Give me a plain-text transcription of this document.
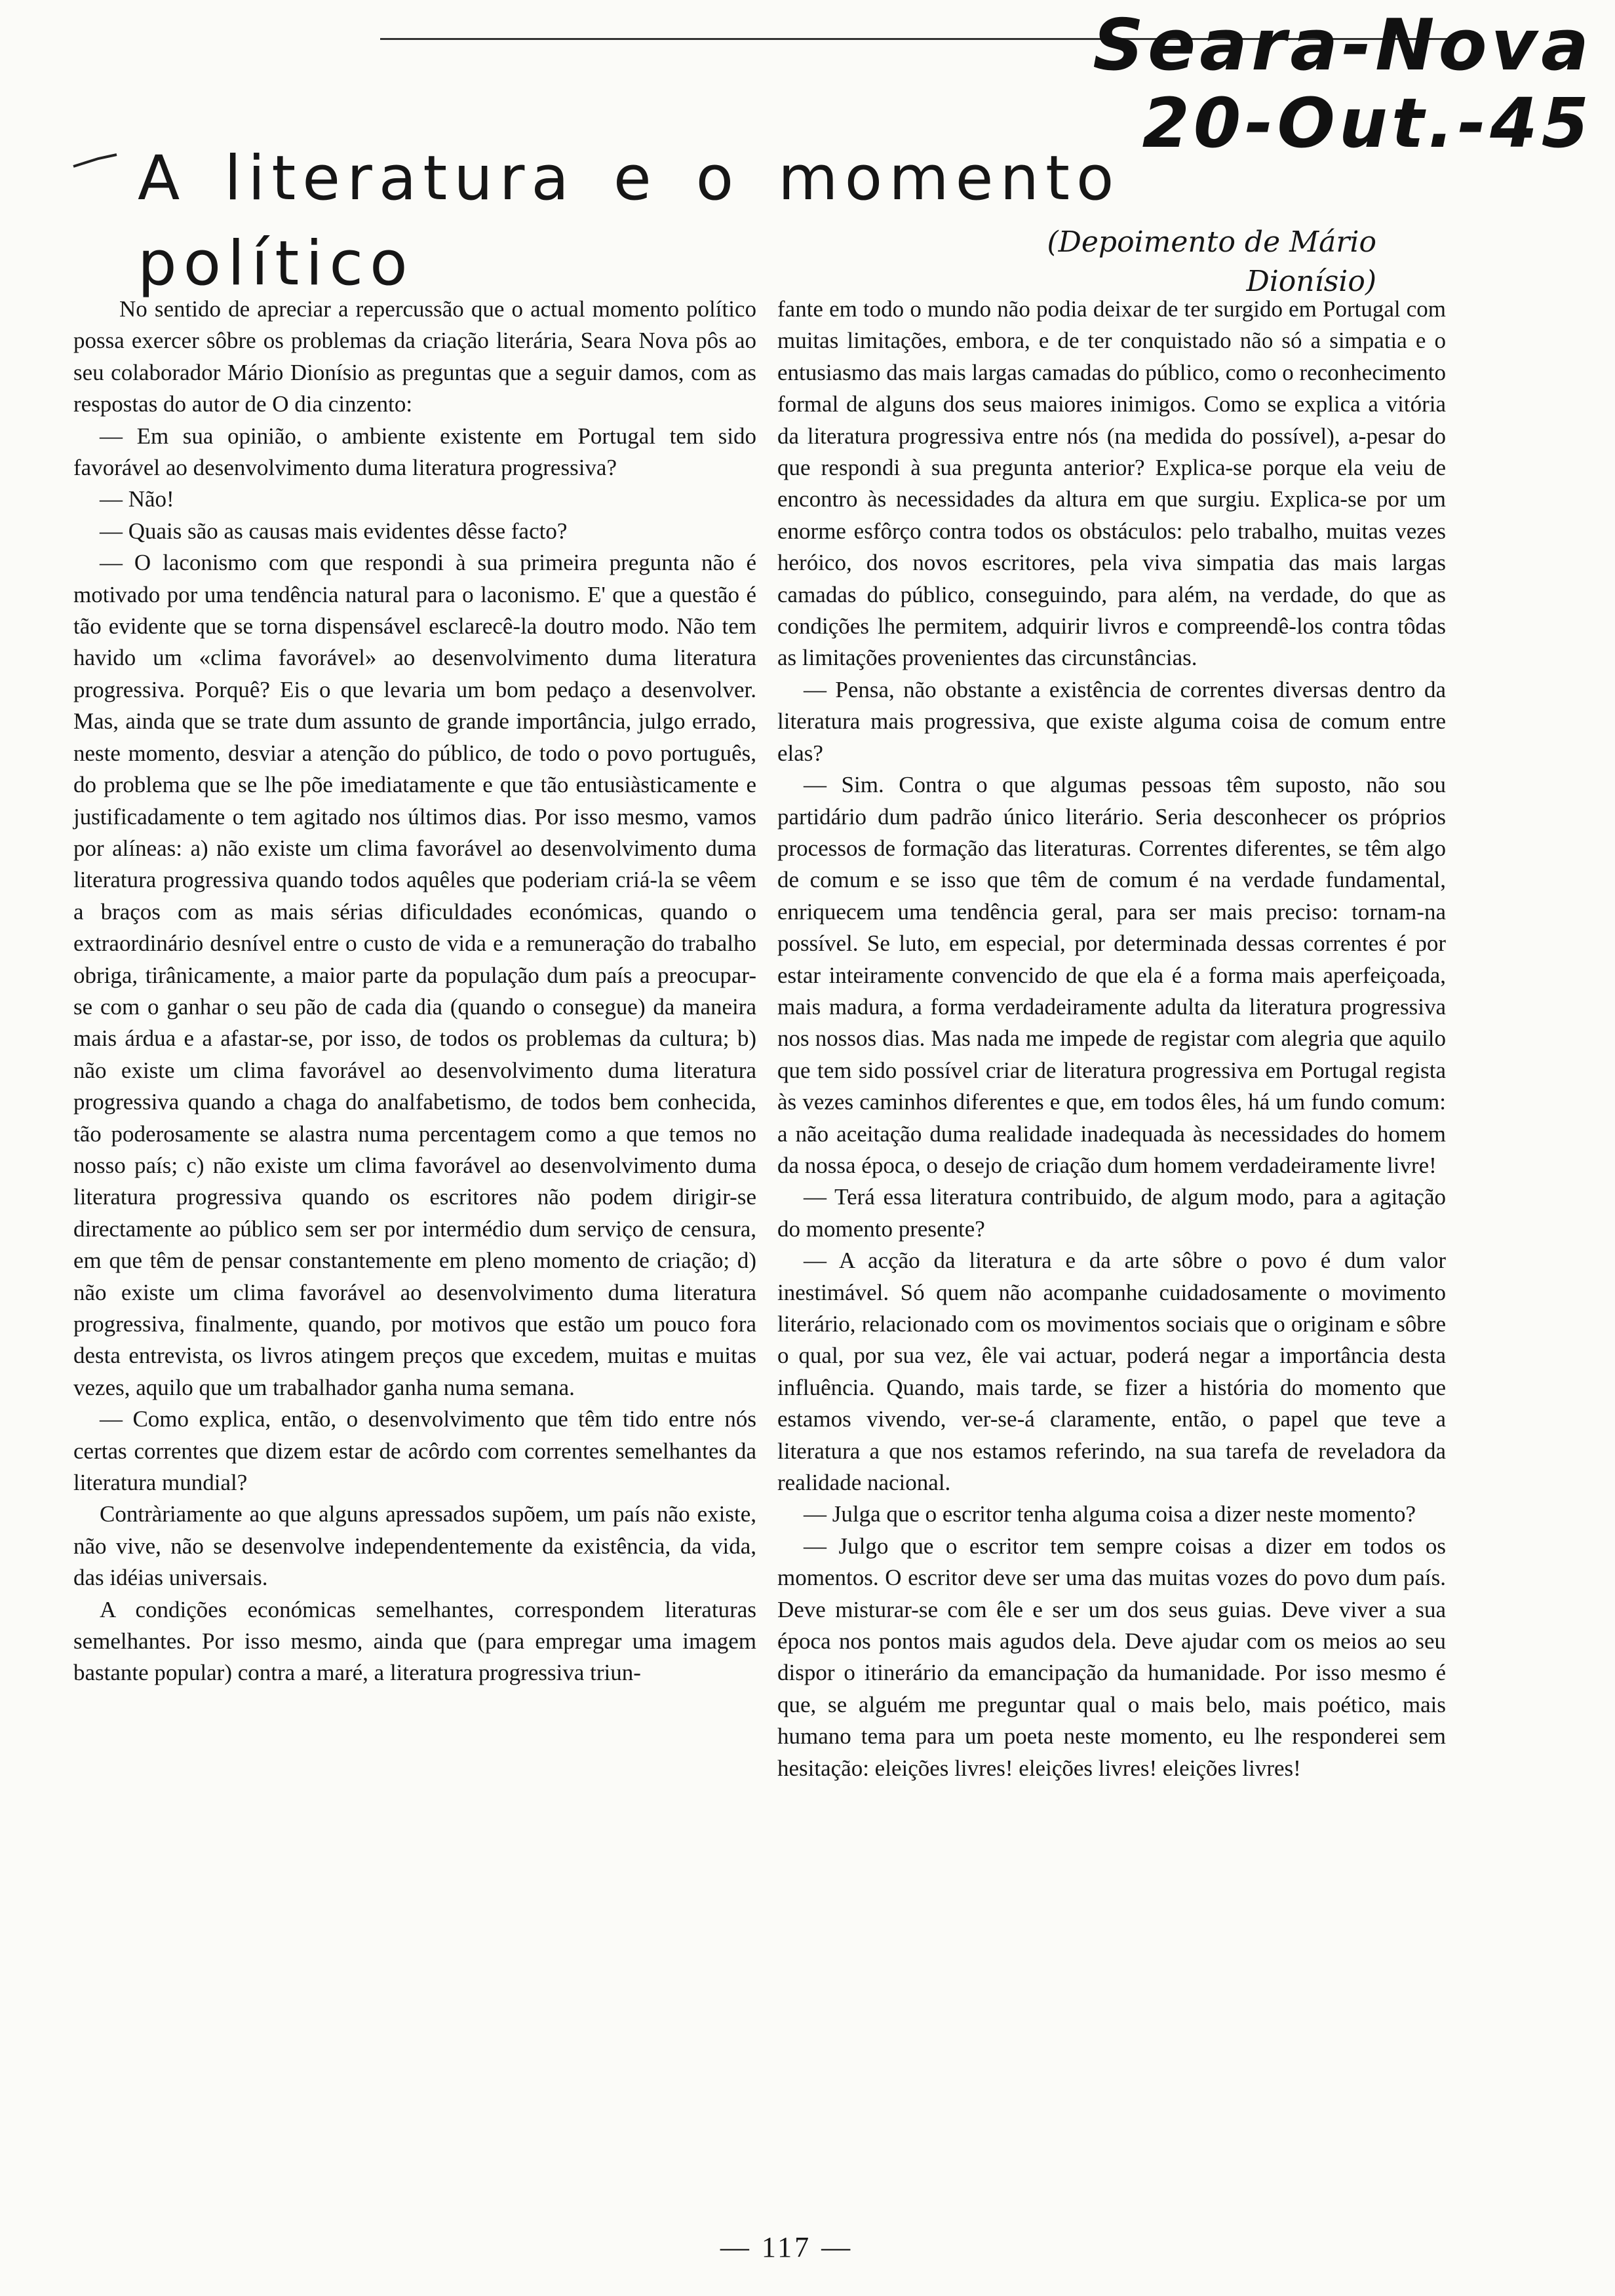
Seara-Nova
20-Out.-45
A literatura e o momento político	(Depoimento de Mário Dionísio)

No sentido de apreciar a repercussão que o actual momento político possa exercer sôbre os problemas da criação literária, Seara Nova pôs ao seu colaborador Mário Dionísio as preguntas que a seguir damos, com as respostas do autor de O dia cinzento:

— Em sua opinião, o ambiente existente em Portugal tem sido favorável ao desenvolvimento duma literatura progressiva?

— Não!

— Quais são as causas mais evidentes dêsse facto?

— O laconismo com que respondi à sua primeira pregunta não é motivado por uma tendência natural para o laconismo. E' que a questão é tão evidente que se torna dispensável esclarecê-la doutro modo. Não tem havido um «clima favorável» ao desenvolvimento duma literatura progressiva. Porquê? Eis o que levaria um bom pedaço a desenvolver. Mas, ainda que se trate dum assunto de grande importância, julgo errado, neste momento, desviar a atenção do público, de todo o povo português, do problema que se lhe põe imediatamente e que tão entusiàsticamente e justificadamente o tem agitado nos últimos dias. Por isso mesmo, vamos por alíneas: a) não existe um clima favorável ao desenvolvimento duma literatura progressiva quando todos aquêles que poderiam criá-la se vêem a braços com as mais sérias dificuldades económicas, quando o extraordinário desnível entre o custo de vida e a remuneração do trabalho obriga, tirânicamente, a maior parte da população dum país a preocupar-se com o ganhar o seu pão de cada dia (quando o consegue) da maneira mais árdua e a afastar-se, por isso, de todos os problemas da cultura; b) não existe um clima favorável ao desenvolvimento duma literatura progressiva quando a chaga do analfabetismo, de todos bem conhecida, tão poderosamente se alastra numa percentagem como a que temos no nosso país; c) não existe um clima favorável ao desenvolvimento duma literatura progressiva quando os escritores não podem dirigir-se directamente ao público sem ser por intermédio dum serviço de censura, em que têm de pensar constantemente em pleno momento de criação; d) não existe um clima favorável ao desenvolvimento duma literatura progressiva, finalmente, quando, por motivos que estão um pouco fora desta entrevista, os livros atingem preços que excedem, muitas e muitas vezes, aquilo que um trabalhador ganha numa semana.

— Como explica, então, o desenvolvimento que têm tido entre nós certas correntes que dizem estar de acôrdo com correntes semelhantes da literatura mundial?

Contràriamente ao que alguns apressados supõem, um país não existe, não vive, não se desenvolve independentemente da existência, da vida, das idéias universais.

A condições económicas semelhantes, correspondem literaturas semelhantes. Por isso mesmo, ainda que (para empregar uma imagem bastante popular) contra a maré, a literatura progressiva triun-

fante em todo o mundo não podia deixar de ter surgido em Portugal com muitas limitações, embora, e de ter conquistado não só a simpatia e o entusiasmo das mais largas camadas do público, como o reconhecimento formal de alguns dos seus maiores inimigos. Como se explica a vitória da literatura progressiva entre nós (na medida do possível), a-pesar do que respondi à sua pregunta anterior? Explica-se porque ela veiu de encontro às necessidades da altura em que surgiu. Explica-se por um enorme esfôrço contra todos os obstáculos: pelo trabalho, muitas vezes heróico, dos novos escritores, pela viva simpatia das mais largas camadas do público, conseguindo, para além, na verdade, do que as condições lhe permitem, adquirir livros e compreendê-los contra tôdas as limitações provenientes das circunstâncias.

— Pensa, não obstante a existência de correntes diversas dentro da literatura mais progressiva, que existe alguma coisa de comum entre elas?

— Sim. Contra o que algumas pessoas têm suposto, não sou partidário dum padrão único literário. Seria desconhecer os próprios processos de formação das literaturas. Correntes diferentes, se têm algo de comum e se isso que têm de comum é na verdade fundamental, enriquecem uma tendência geral, para ser mais preciso: tornam-na possível. Se luto, em especial, por determinada dessas correntes é por estar inteiramente convencido de que ela é a forma mais aperfeiçoada, mais madura, a forma verdadeiramente adulta da literatura progressiva nos nossos dias. Mas nada me impede de registar com alegria que aquilo que tem sido possível criar de literatura progressiva em Portugal regista às vezes caminhos diferentes e que, em todos êles, há um fundo comum: a não aceitação duma realidade inadequada às necessidades do homem da nossa época, o desejo de criação dum homem verdadeiramente livre!

— Terá essa literatura contribuido, de algum modo, para a agitação do momento presente?

— A acção da literatura e da arte sôbre o povo é dum valor inestimável. Só quem não acompanhe cuidadosamente o movimento literário, relacionado com os movimentos sociais que o originam e sôbre o qual, por sua vez, êle vai actuar, poderá negar a importância desta influência. Quando, mais tarde, se fizer a história do momento que estamos vivendo, ver-se-á claramente, então, o papel que teve a literatura a que nos estamos referindo, na sua tarefa de reveladora da realidade nacional.

— Julga que o escritor tenha alguma coisa a dizer neste momento?

— Julgo que o escritor tem sempre coisas a dizer em todos os momentos. O escritor deve ser uma das muitas vozes do povo dum país. Deve misturar-se com êle e ser um dos seus guias. Deve viver a sua época nos pontos mais agudos dela. Deve ajudar com os meios ao seu dispor o itinerário da emancipação da humanidade. Por isso mesmo é que, se alguém me preguntar qual o mais belo, mais poético, mais humano tema para um poeta neste momento, eu lhe responderei sem hesitação: eleições livres! eleições livres! eleições livres!

— 117 —
